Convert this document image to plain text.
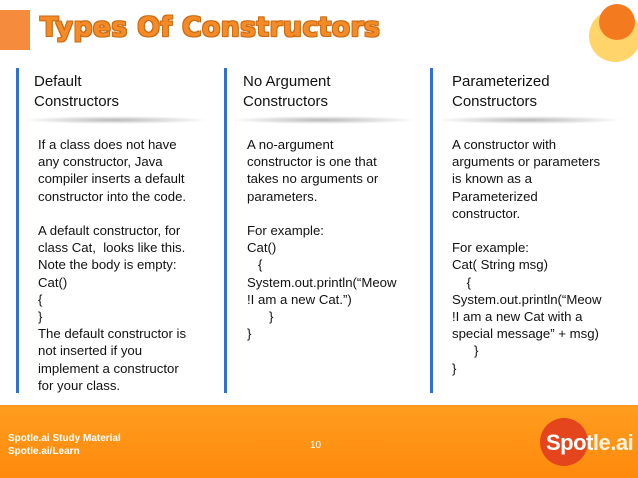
Types Of Constructors
Default
Constructors
If a class does not have
any constructor, Java
compiler inserts a default
constructor into the code.

A default constructor, for
class Cat,  looks like this.
Note the body is empty:
Cat()
{
}
The default constructor is
not inserted if you
implement a constructor
for your class.
No Argument
Constructors
A no-argument
constructor is one that
takes no arguments or
parameters.

For example:
Cat()
{
System.out.println(“Meow
!I am a new Cat.”)
}
}
Parameterized
Constructors
A constructor with
arguments or parameters
is known as a
Parameterized
constructor.

For example:
Cat( String msg)
{
System.out.println(“Meow
!I am a new Cat with a
special message” + msg)
}
}
Spotle.ai Study Material
Spotle.ai/Learn
10	Spotle.ai
